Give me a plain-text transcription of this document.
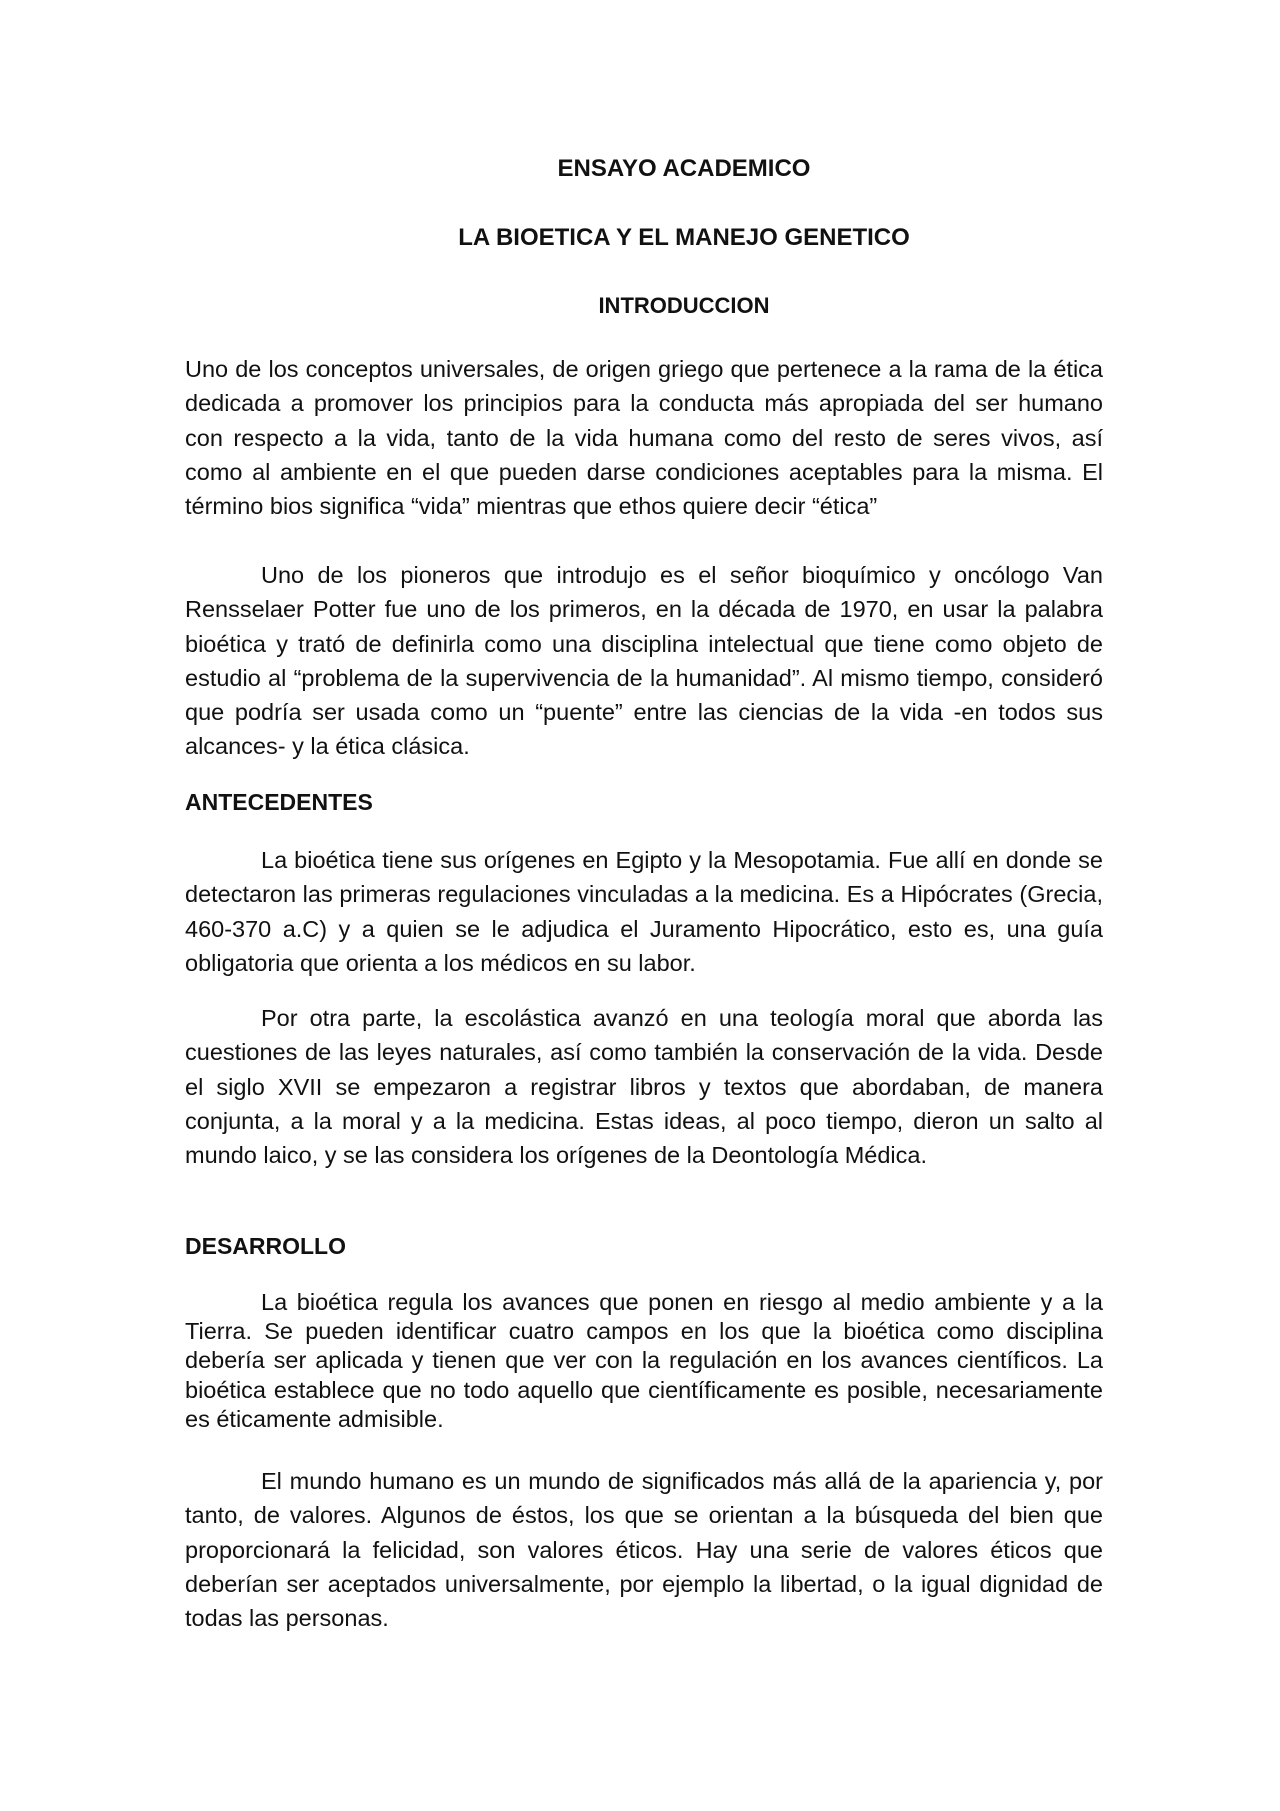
ENSAYO ACADEMICO
LA BIOETICA Y EL MANEJO GENETICO
INTRODUCCION

Uno de los conceptos universales, de origen griego que pertenece a la rama de la ética dedicada a promover los principios para la conducta más apropiada del ser humano con respecto a la vida, tanto de la vida humana como del resto de seres vivos, así como al ambiente en el que pueden darse condiciones aceptables para la misma. El término bios significa “vida” mientras que ethos quiere decir “ética”

Uno de los pioneros que introdujo es el señor bioquímico y oncólogo Van Rensselaer Potter fue uno de los primeros, en la década de 1970, en usar la palabra bioética y trató de definirla como una disciplina intelectual que tiene como objeto de estudio al “problema de la supervivencia de la humanidad”. Al mismo tiempo, consideró que podría ser usada como un “puente” entre las ciencias de la vida -en todos sus alcances- y la ética clásica.

ANTECEDENTES

La bioética tiene sus orígenes en Egipto y la Mesopotamia. Fue allí en donde se detectaron las primeras regulaciones vinculadas a la medicina. Es a Hipócrates (Grecia, 460-370 a.C) y a quien se le adjudica el Juramento Hipocrático, esto es, una guía obligatoria que orienta a los médicos en su labor.

Por otra parte, la escolástica avanzó en una teología moral que aborda las cuestiones de las leyes naturales, así como también la conservación de la vida. Desde el siglo XVII se empezaron a registrar libros y textos que abordaban, de manera conjunta, a la moral y a la medicina. Estas ideas, al poco tiempo, dieron un salto al mundo laico, y se las considera los orígenes de la Deontología Médica.

DESARROLLO

La bioética regula los avances que ponen en riesgo al medio ambiente y a la Tierra. Se pueden identificar cuatro campos en los que la bioética como disciplina debería ser aplicada y tienen que ver con la regulación en los avances científicos. La bioética establece que no todo aquello que científicamente es posible, necesariamente es éticamente admisible.

El mundo humano es un mundo de significados más allá de la apariencia y, por tanto, de valores. Algunos de éstos, los que se orientan a la búsqueda del bien que proporcionará la felicidad, son valores éticos. Hay una serie de valores éticos que deberían ser aceptados universalmente, por ejemplo la libertad, o la igual dignidad de todas las personas.
